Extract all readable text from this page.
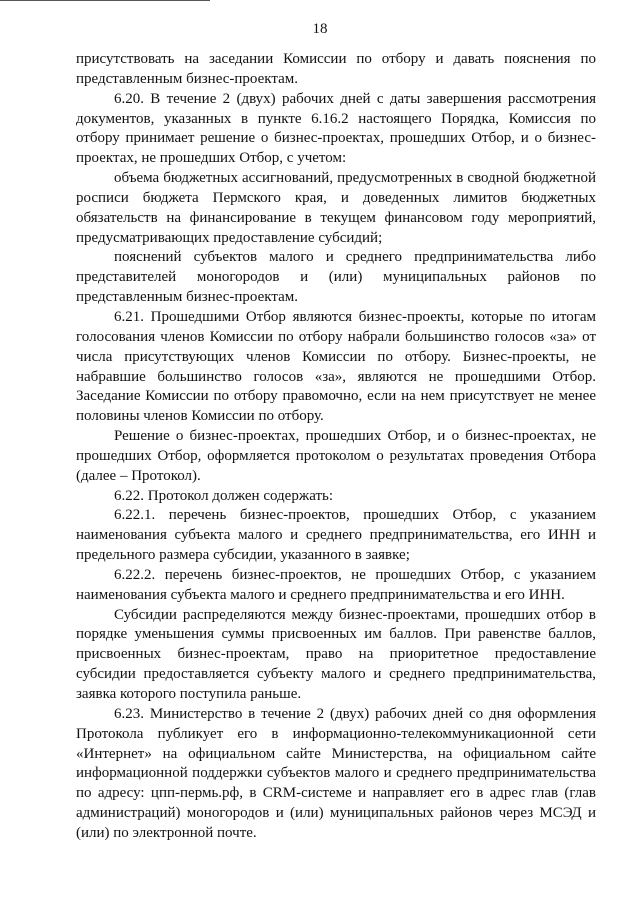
18

присутствовать на заседании Комиссии по отбору и давать пояснения по представленным бизнес-проектам.

6.20. В течение 2 (двух) рабочих дней с даты завершения рассмотрения документов, указанных в пункте 6.16.2 настоящего Порядка, Комиссия по отбору принимает решение о бизнес-проектах, прошедших Отбор, и о бизнес-проектах, не прошедших Отбор, с учетом:

объема бюджетных ассигнований, предусмотренных в сводной бюджетной росписи бюджета Пермского края, и доведенных лимитов бюджетных обязательств на финансирование в текущем финансовом году мероприятий, предусматривающих предоставление субсидий;

пояснений субъектов малого и среднего предпринимательства либо представителей моногородов и (или) муниципальных районов по представленным бизнес-проектам.

6.21. Прошедшими Отбор являются бизнес-проекты, которые по итогам голосования членов Комиссии по отбору набрали большинство голосов «за» от числа присутствующих членов Комиссии по отбору. Бизнес-проекты, не набравшие большинство голосов «за», являются не прошедшими Отбор. Заседание Комиссии по отбору правомочно, если на нем присутствует не менее половины членов Комиссии по отбору.

Решение о бизнес-проектах, прошедших Отбор, и о бизнес-проектах, не прошедших Отбор, оформляется протоколом о результатах проведения Отбора (далее – Протокол).

6.22. Протокол должен содержать:

6.22.1. перечень бизнес-проектов, прошедших Отбор, с указанием наименования субъекта малого и среднего предпринимательства, его ИНН и предельного размера субсидии, указанного в заявке;

6.22.2. перечень бизнес-проектов, не прошедших Отбор, с указанием наименования субъекта малого и среднего предпринимательства и его ИНН.

Субсидии распределяются между бизнес-проектами, прошедших отбор в порядке уменьшения суммы присвоенных им баллов. При равенстве баллов, присвоенных бизнес-проектам, право на приоритетное предоставление субсидии предоставляется субъекту малого и среднего предпринимательства, заявка которого поступила раньше.

6.23. Министерство в течение 2 (двух) рабочих дней со дня оформления Протокола публикует его в информационно-телекоммуникационной сети «Интернет» на официальном сайте Министерства, на официальном сайте информационной поддержки субъектов малого и среднего предпринимательства по адресу: цпп-пермь.рф, в CRM-системе и направляет его в адрес глав (глав администраций) моногородов и (или) муниципальных районов через МСЭД и (или) по электронной почте.
